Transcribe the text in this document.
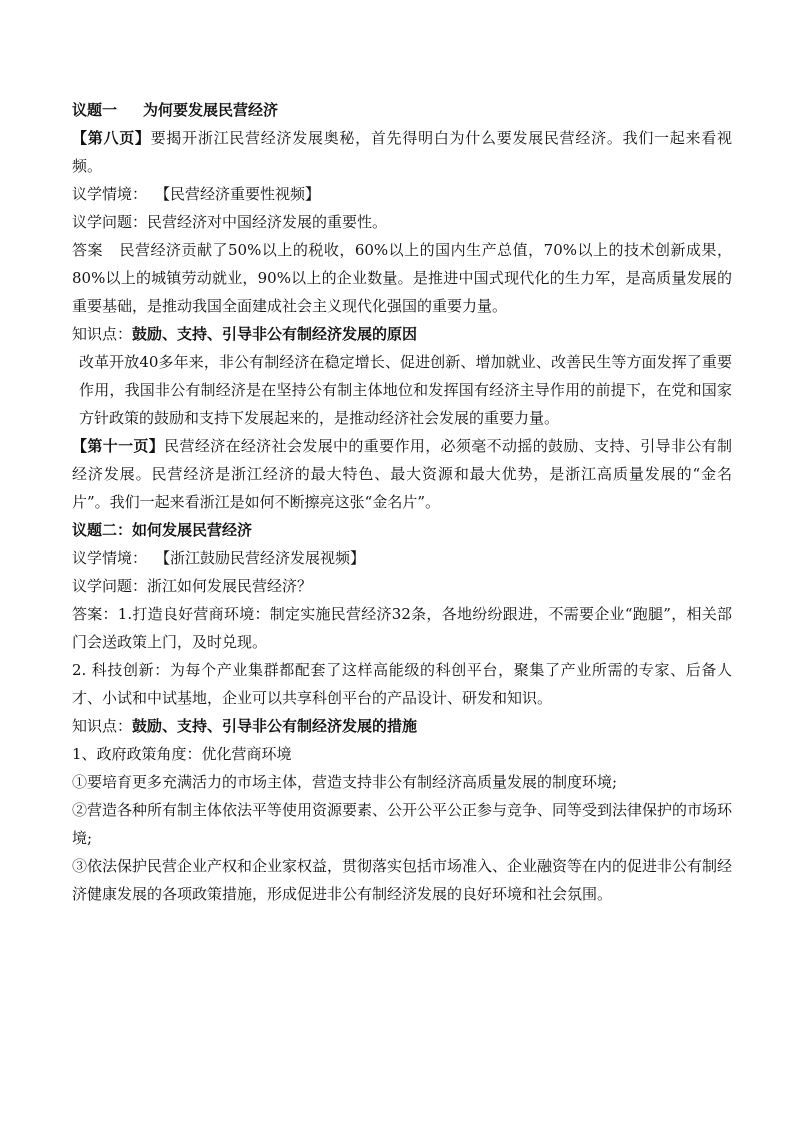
议题一 为何要发展民营经济
【第八页】要揭开浙江民营经济发展奥秘，首先得明白为什么要发展民营经济。我们一起来看视频。
议学情境： 【民营经济重要性视频】
议学问题：民营经济对中国经济发展的重要性。
答案 民营经济贡献了50%以上的税收，60%以上的国内生产总值，70%以上的技术创新成果，80%以上的城镇劳动就业，90%以上的企业数量。是推进中国式现代化的生力军，是高质量发展的重要基础，是推动我国全面建成社会主义现代化强国的重要力量。
知识点：鼓励、支持、引导非公有制经济发展的原因
改革开放40多年来，非公有制经济在稳定增长、促进创新、增加就业、改善民生等方面发挥了重要作用，我国非公有制经济是在坚持公有制主体地位和发挥国有经济主导作用的前提下，在党和国家方针政策的鼓励和支持下发展起来的，是推动经济社会发展的重要力量。
【第十一页】民营经济在经济社会发展中的重要作用，必须毫不动摇的鼓励、支持、引导非公有制经济发展。民营经济是浙江经济的最大特色、最大资源和最大优势，是浙江高质量发展的“金名片”。我们一起来看浙江是如何不断擦亮这张“金名片”。
议题二：如何发展民营经济
议学情境： 【浙江鼓励民营经济发展视频】
议学问题：浙江如何发展民营经济？
答案：1.打造良好营商环境：制定实施民营经济32条，各地纷纷跟进，不需要企业“跑腿”，相关部门会送政策上门，及时兑现。
2. 科技创新：为每个产业集群都配套了这样高能级的科创平台，聚集了产业所需的专家、后备人才、小试和中试基地，企业可以共享科创平台的产品设计、研发和知识。
知识点：鼓励、支持、引导非公有制经济发展的措施
1、政府政策角度：优化营商环境
①要培育更多充满活力的市场主体，营造支持非公有制经济高质量发展的制度环境;
②营造各种所有制主体依法平等使用资源要素、公开公平公正参与竞争、同等受到法律保护的市场环境;
③依法保护民营企业产权和企业家权益，贯彻落实包括市场准入、企业融资等在内的促进非公有制经济健康发展的各项政策措施，形成促进非公有制经济发展的良好环境和社会氛围。
